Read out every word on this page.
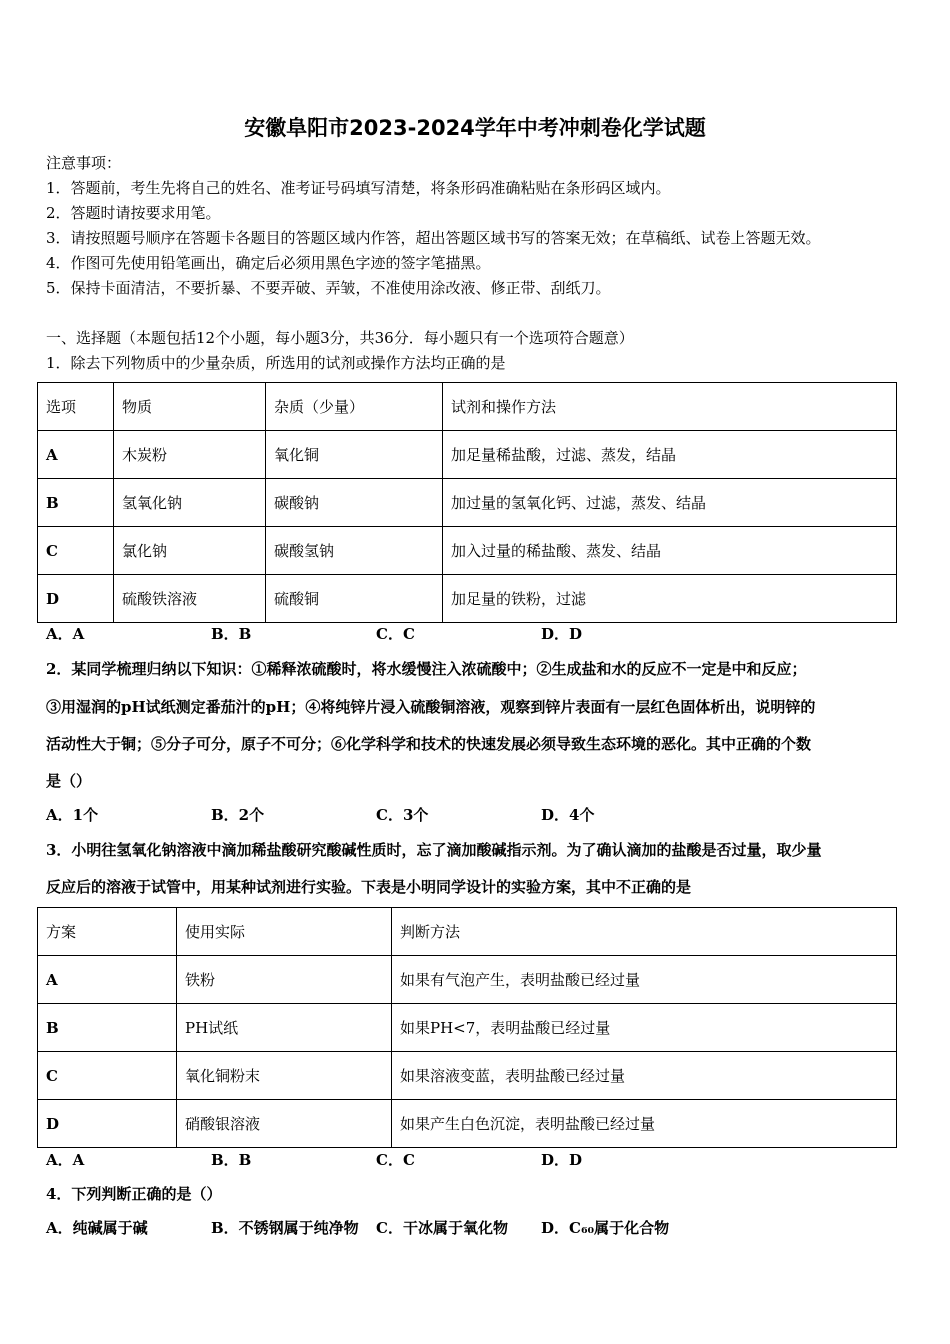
安徽阜阳市2023-2024学年中考冲刺卷化学试题
注意事项：
1．答题前，考生先将自己的姓名、准考证号码填写清楚，将条形码准确粘贴在条形码区域内。
2．答题时请按要求用笔。
3．请按照题号顺序在答题卡各题目的答题区域内作答，超出答题区域书写的答案无效；在草稿纸、试卷上答题无效。
4．作图可先使用铅笔画出，确定后必须用黑色字迹的签字笔描黑。
5．保持卡面清洁，不要折暴、不要弄破、弄皱，不准使用涂改液、修正带、刮纸刀。
一、选择题（本题包括12个小题，每小题3分，共36分．每小题只有一个选项符合题意）
1．除去下列物质中的少量杂质，所选用的试剂或操作方法均正确的是
选项	物质	杂质（少量）	试剂和操作方法
A	木炭粉	氧化铜	加足量稀盐酸，过滤、蒸发，结晶
B	氢氧化钠	碳酸钠	加过量的氢氧化钙、过滤，蒸发、结晶
C	氯化钠	碳酸氢钠	加入过量的稀盐酸、蒸发、结晶
D	硫酸铁溶液	硫酸铜	加足量的铁粉，过滤
A．A	B．B	C．C	D．D
2．某同学梳理归纳以下知识：①稀释浓硫酸时，将水缓慢注入浓硫酸中；②生成盐和水的反应不一定是中和反应；
③用湿润的pH试纸测定番茄汁的pH；④将纯锌片浸入硫酸铜溶液，观察到锌片表面有一层红色固体析出，说明锌的
活动性大于铜；⑤分子可分，原子不可分；⑥化学科学和技术的快速发展必须导致生态环境的恶化。其中正确的个数
是（）
A．1个	B．2个	C．3个	D．4个
3．小明往氢氧化钠溶液中滴加稀盐酸研究酸碱性质时，忘了滴加酸碱指示剂。为了确认滴加的盐酸是否过量，取少量
反应后的溶液于试管中，用某种试剂进行实验。下表是小明同学设计的实验方案，其中不正确的是
方案	使用实际	判断方法
A	铁粉	如果有气泡产生，表明盐酸已经过量
B	PH试纸	如果PH<7，表明盐酸已经过量
C	氧化铜粉末	如果溶液变蓝，表明盐酸已经过量
D	硝酸银溶液	如果产生白色沉淀，表明盐酸已经过量
A．A	B．B	C．C	D．D
4．下列判断正确的是（）
A．纯碱属于碱	B．不锈钢属于纯净物 C．干冰属于氧化物 D．C₆₀属于化合物
